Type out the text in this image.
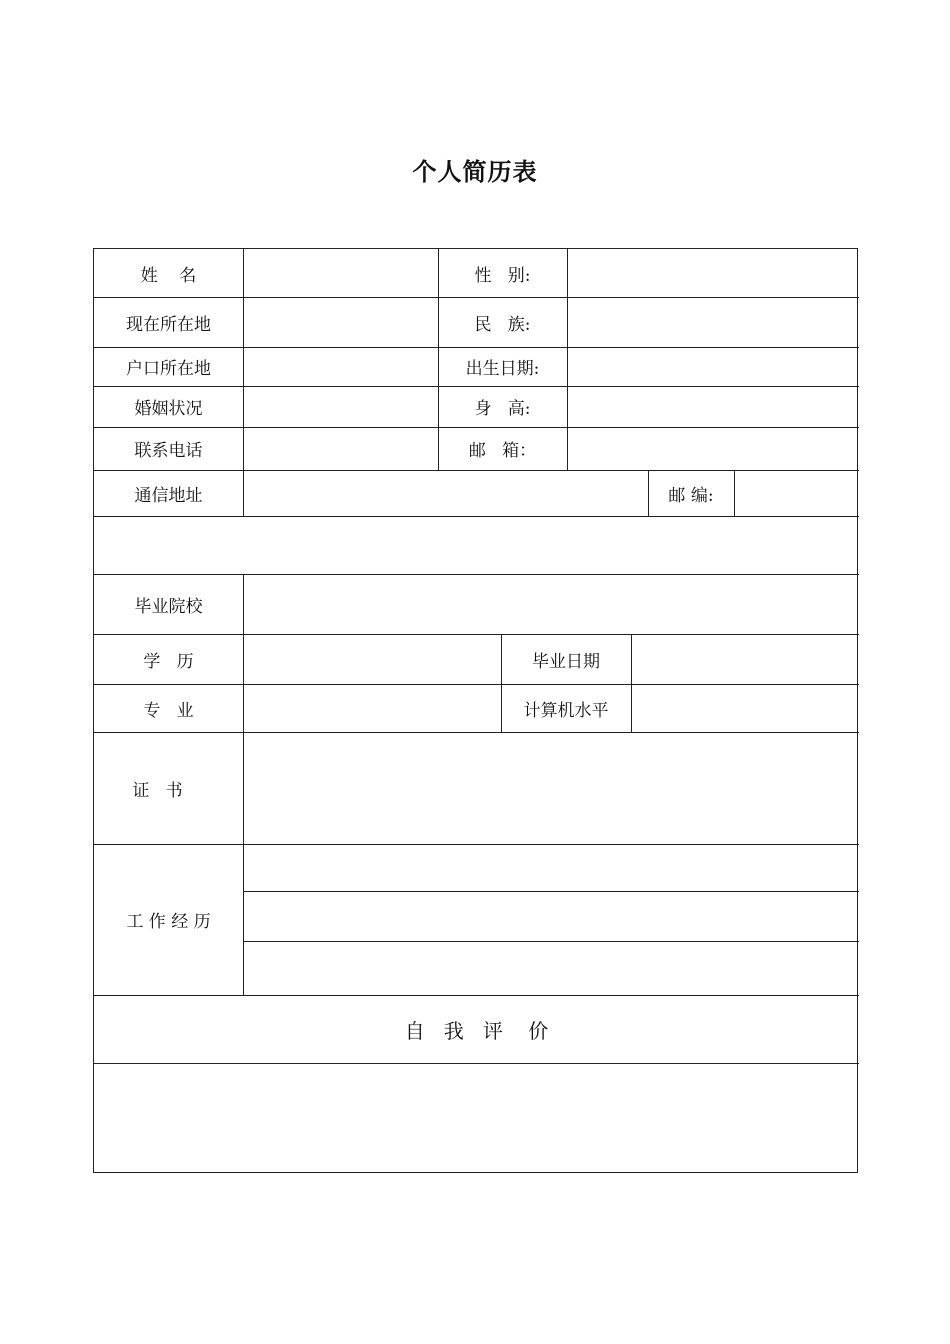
个人简历表
姓    名	性   别:
现在所在地	民   族:
户口所在地	出生日期:
婚姻状况	身   高:
联系电话	邮   箱：
通信地址	邮 编:
毕业院校
学   历	毕业日期
专   业	计算机水平
证   书
工 作 经 历
自   我   评    价
